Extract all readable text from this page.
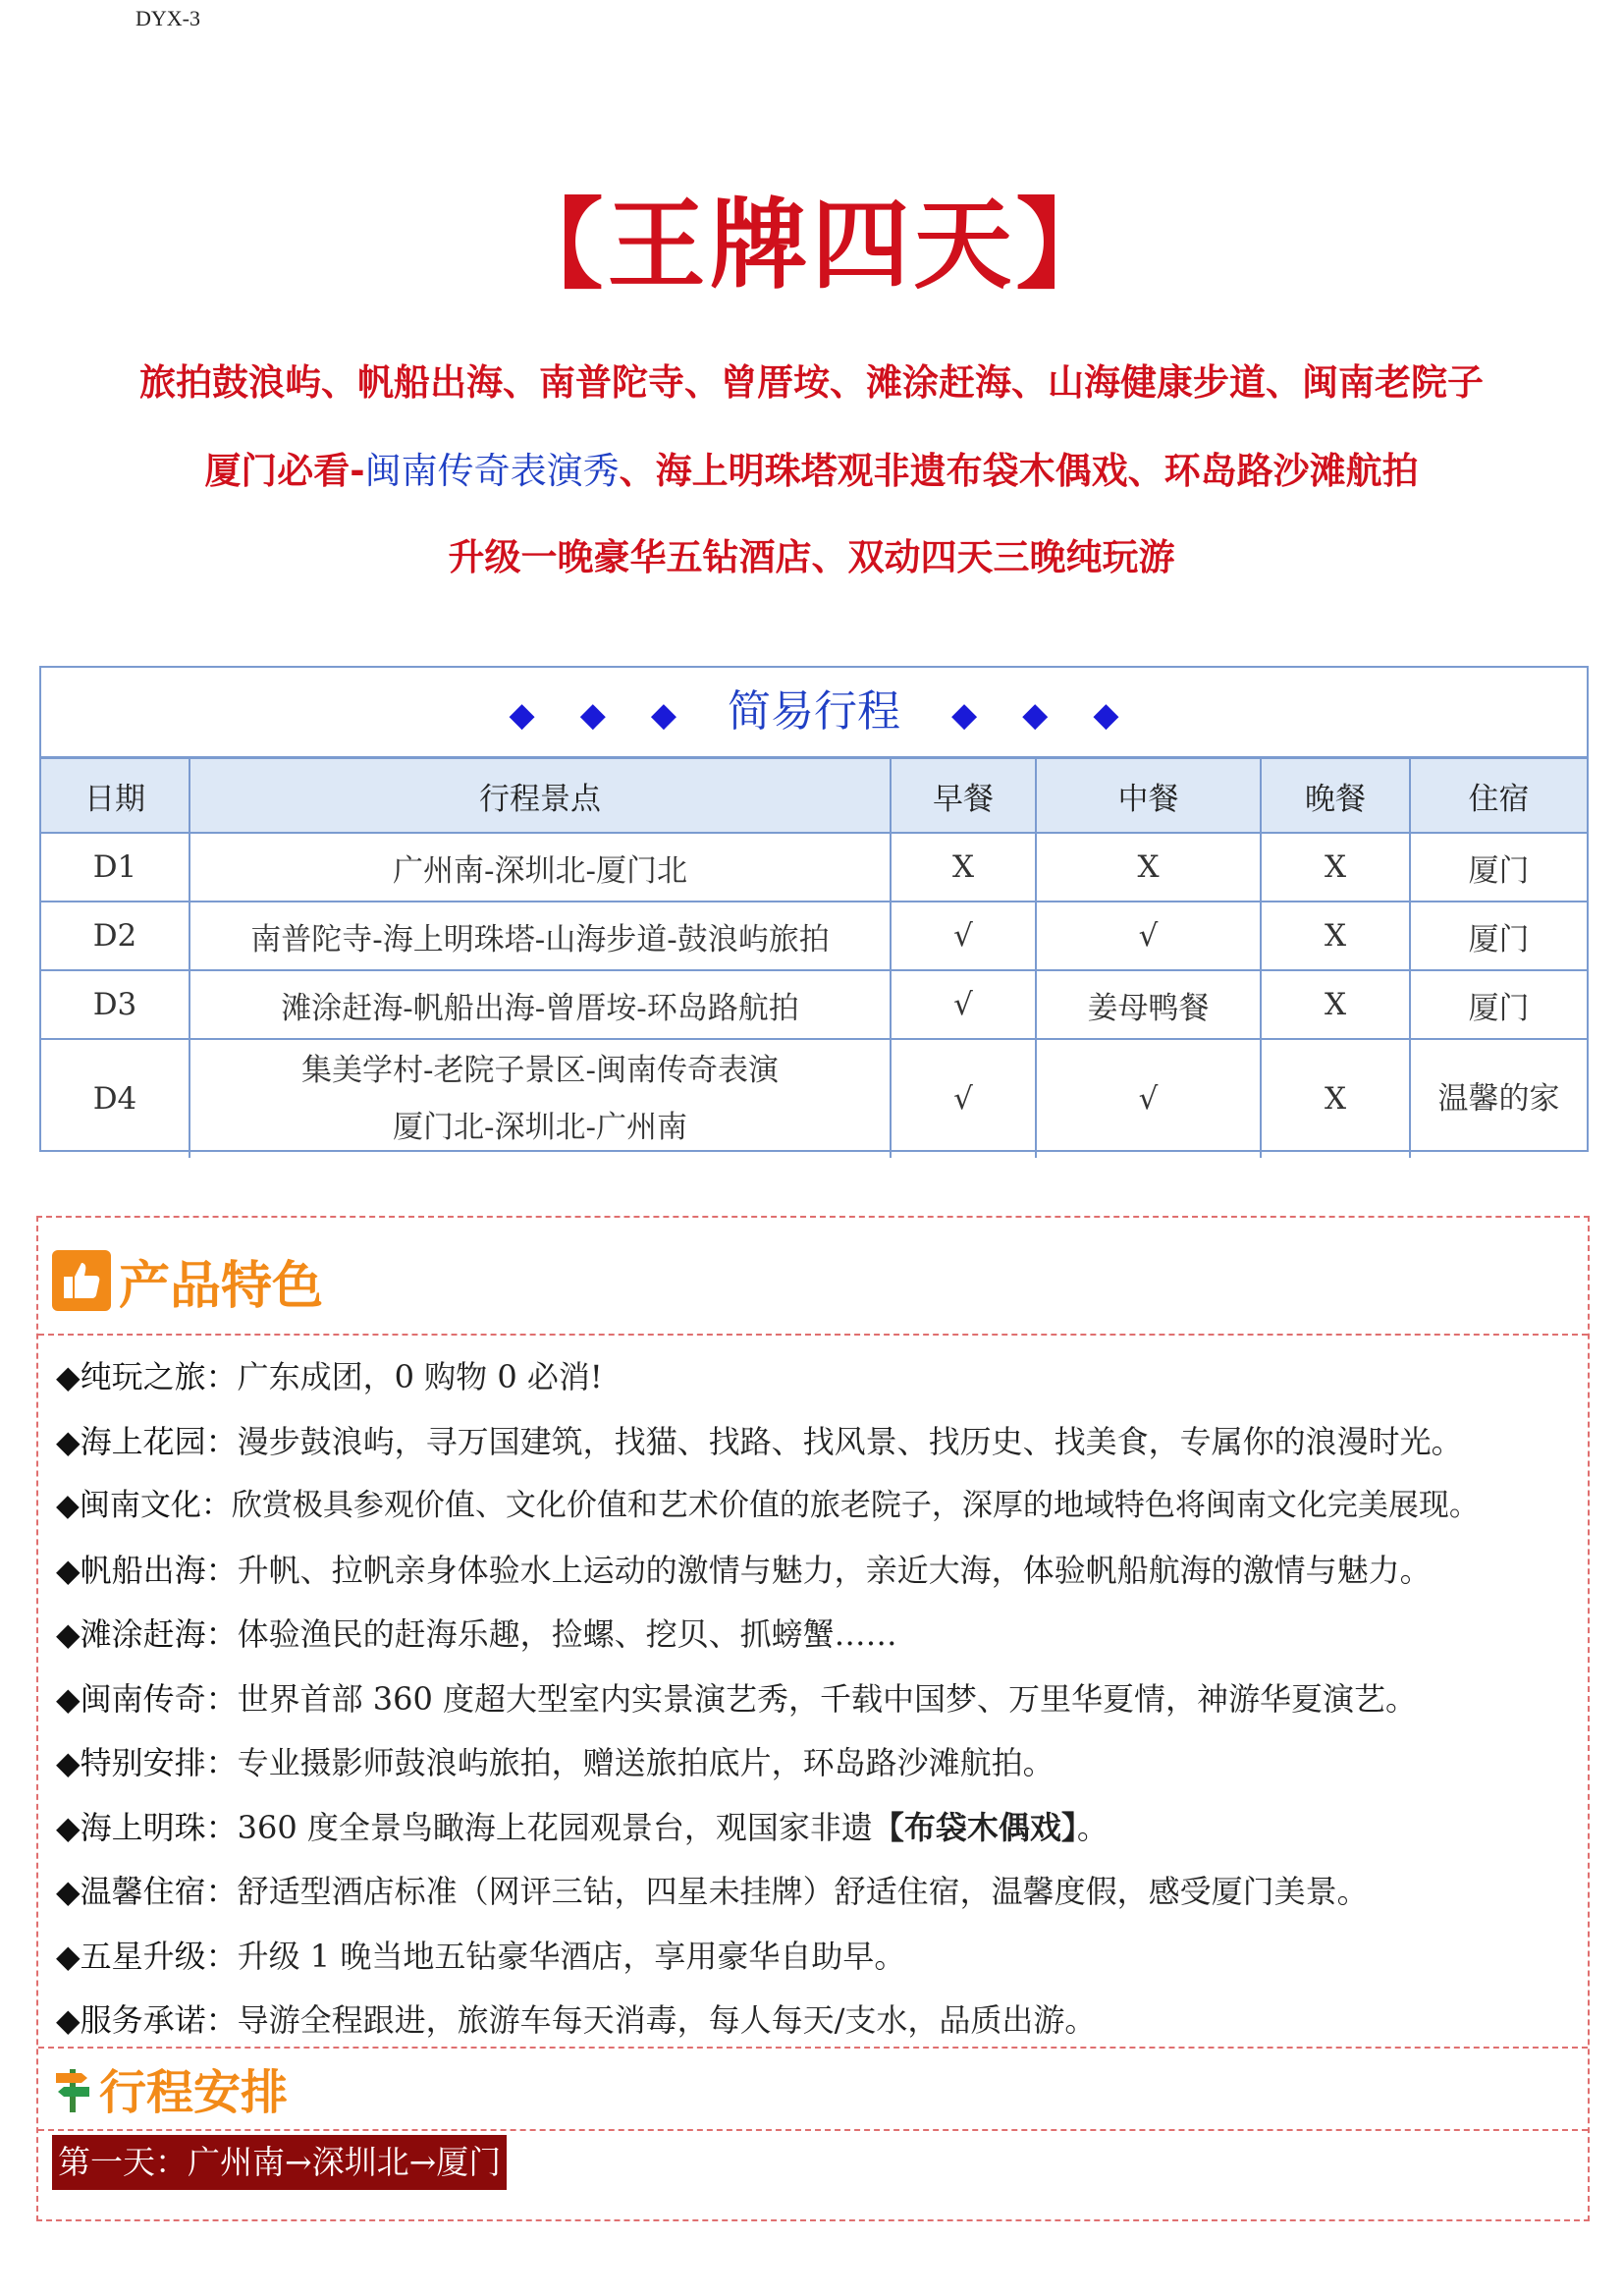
DYX-3
【王牌四天】
旅拍鼓浪屿、帆船出海、南普陀寺、曾厝垵、滩涂赶海、山海健康步道、闽南老院子
厦门必看-闽南传奇表演秀、海上明珠塔观非遗布袋木偶戏、环岛路沙滩航拍
升级一晚豪华五钻酒店、双动四天三晚纯玩游
◆ ◆ ◆ 简易行程 ◆ ◆ ◆
日期	行程景点	早餐	中餐	晚餐	住宿
D1	广州南-深圳北-厦门北	X	X	X	厦门
D2	南普陀寺-海上明珠塔-山海步道-鼓浪屿旅拍	√	√	X	厦门
D3	滩涂赶海-帆船出海-曾厝垵-环岛路航拍	√	姜母鸭餐	X	厦门
D4	集美学村-老院子景区-闽南传奇表演
厦门北-深圳北-广州南	√	√	X	温馨的家
产品特色
◆纯玩之旅：广东成团，0 购物 0 必消!
◆海上花园：漫步鼓浪屿，寻万国建筑，找猫、找路、找风景、找历史、找美食，专属你的浪漫时光。
◆闽南文化：欣赏极具参观价值、文化价值和艺术价值的旅老院子，深厚的地域特色将闽南文化完美展现。
◆帆船出海：升帆、拉帆亲身体验水上运动的激情与魅力，亲近大海，体验帆船航海的激情与魅力。
◆滩涂赶海：体验渔民的赶海乐趣，捡螺、挖贝、抓螃蟹……
◆闽南传奇：世界首部 360 度超大型室内实景演艺秀，千载中国梦、万里华夏情，神游华夏演艺。
◆特别安排：专业摄影师鼓浪屿旅拍，赠送旅拍底片，环岛路沙滩航拍。
◆海上明珠：360 度全景鸟瞰海上花园观景台，观国家非遗【布袋木偶戏】。
◆温馨住宿：舒适型酒店标准（网评三钻，四星未挂牌）舒适住宿，温馨度假，感受厦门美景。
◆五星升级：升级 1 晚当地五钻豪华酒店，享用豪华自助早。
◆服务承诺：导游全程跟进，旅游车每天消毒，每人每天/支水，品质出游。
行程安排
第一天：广州南→深圳北→厦门
